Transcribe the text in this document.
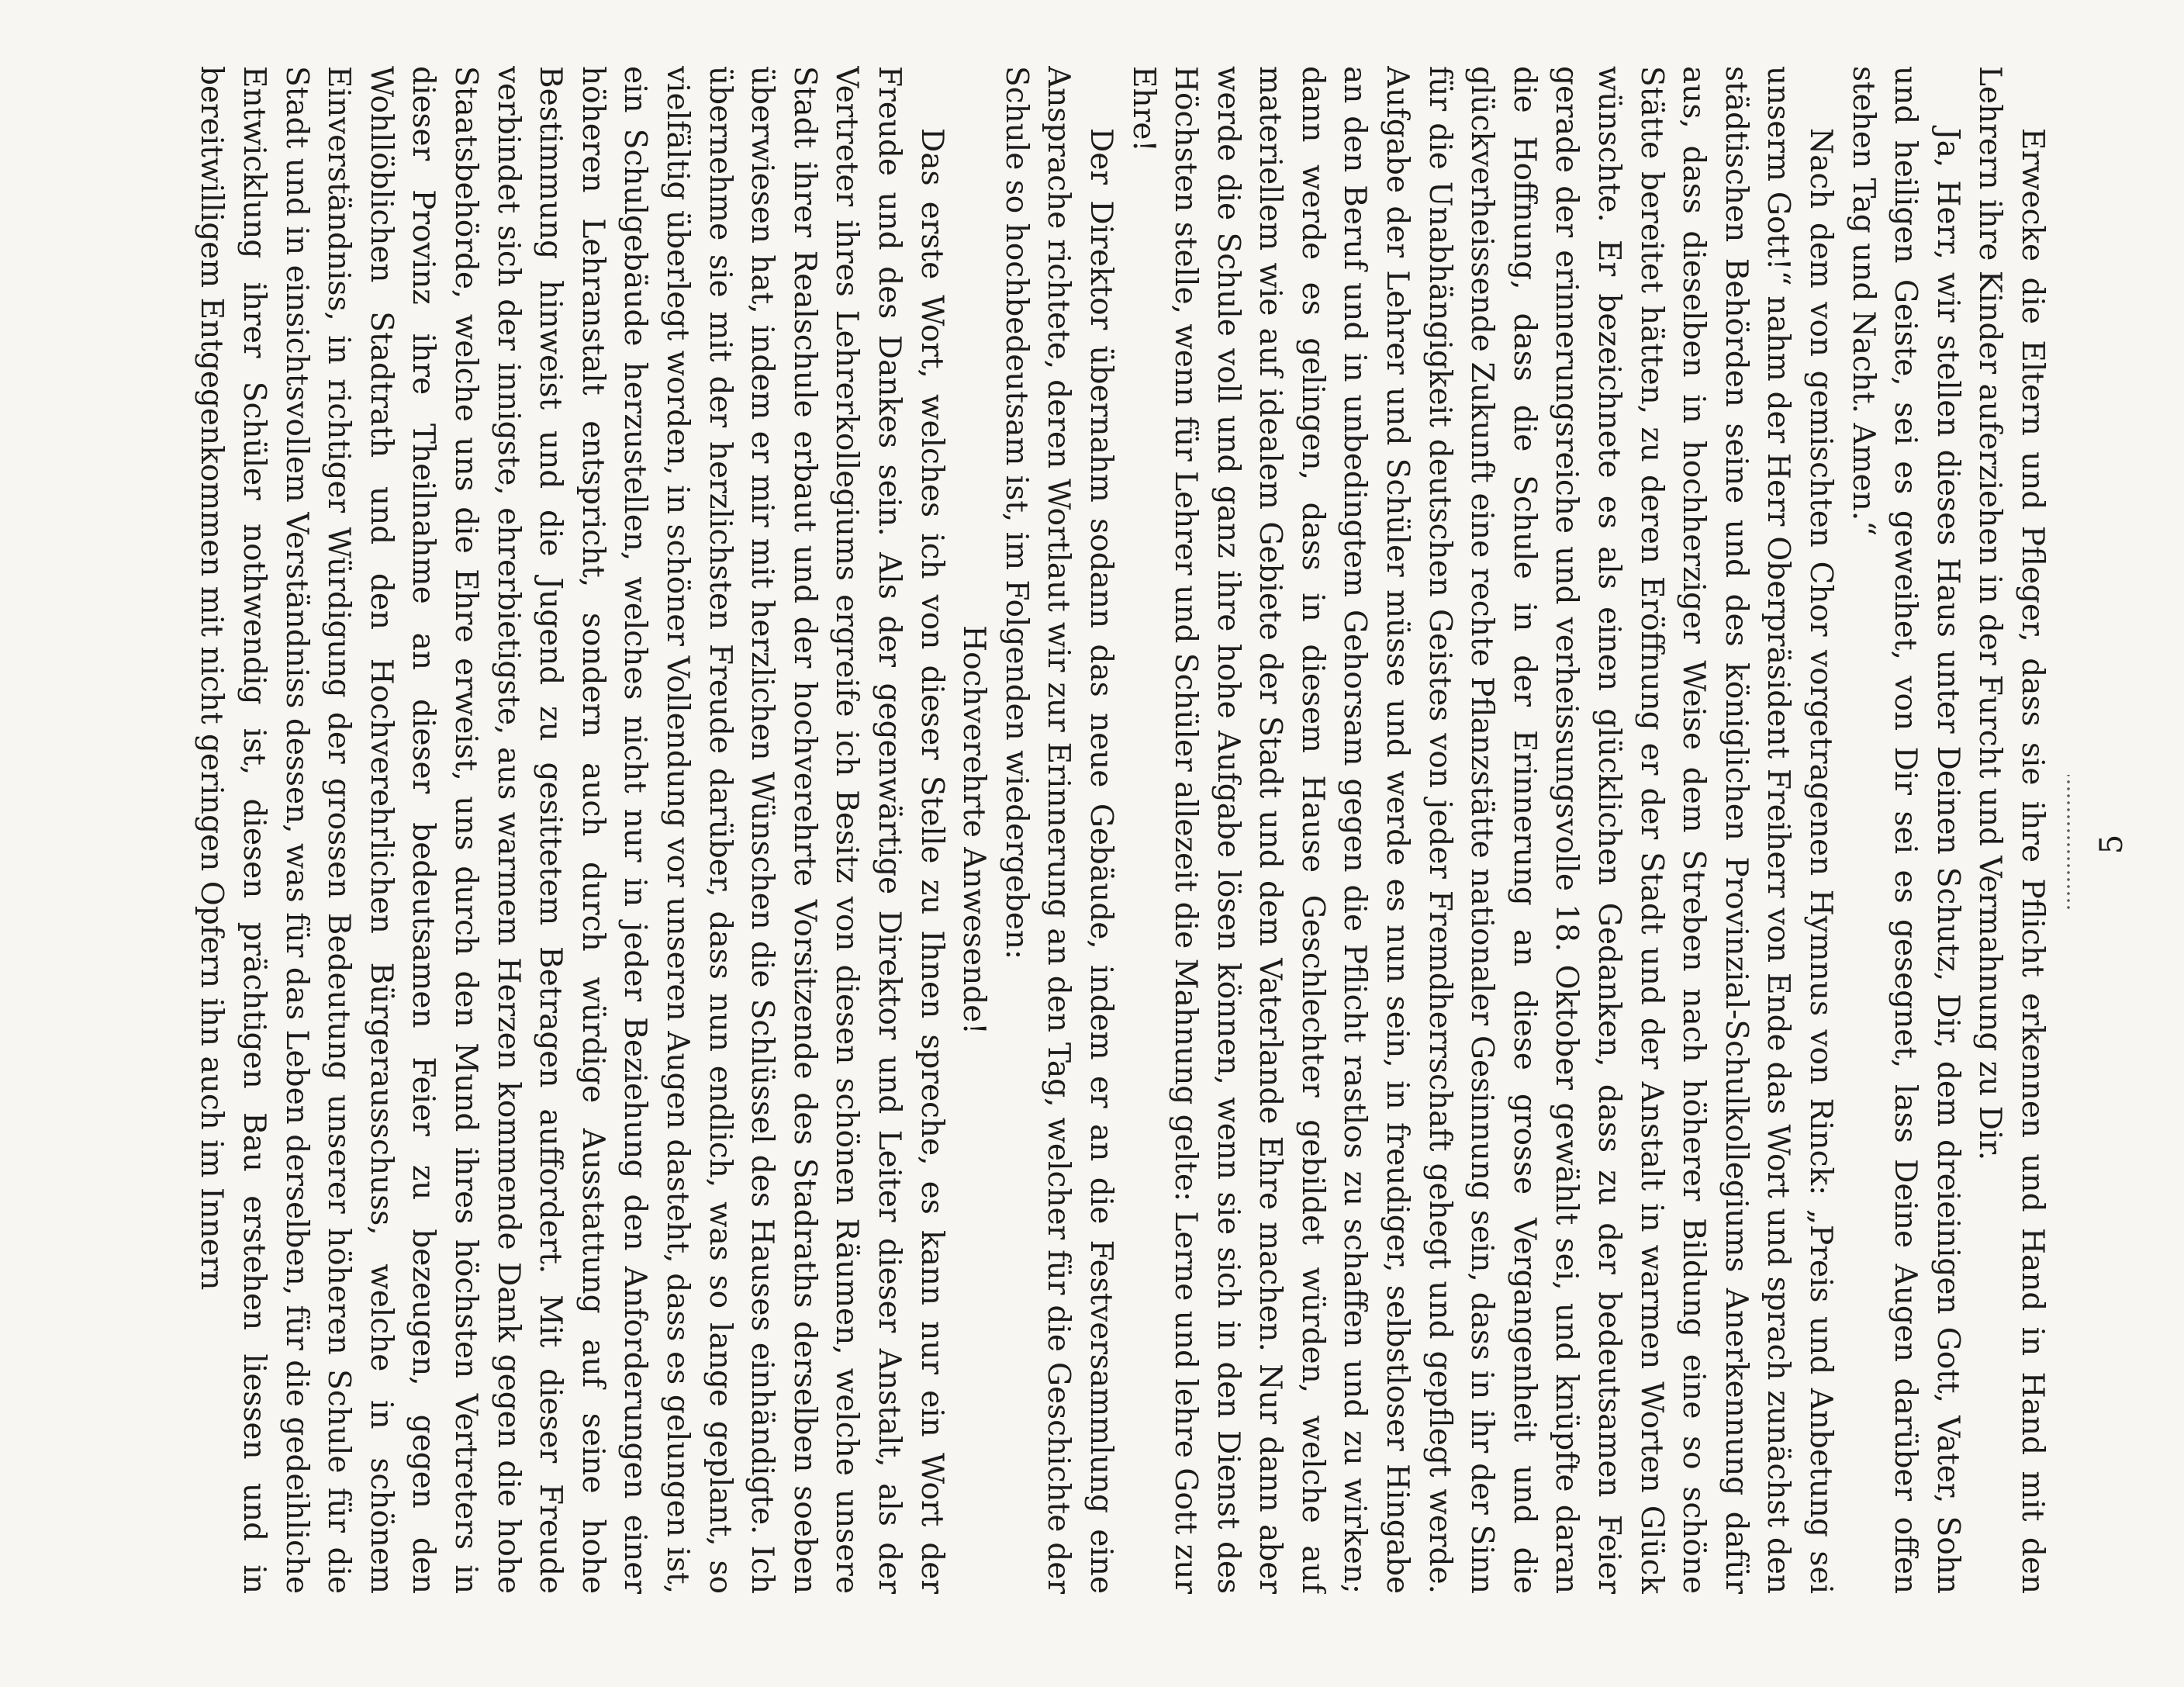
5

Erwecke die Eltern und Pfleger, dass sie ihre Pflicht erkennen und Hand in Hand mit den Lehrern ihre Kinder auferziehen in der Furcht und Vermahnung zu Dir.

Ja, Herr, wir stellen dieses Haus unter Deinen Schutz, Dir, dem dreieinigen Gott, Vater, Sohn und heiligen Geiste, sei es geweihet, von Dir sei es gesegnet, lass Deine Augen darüber offen stehen Tag und Nacht. Amen.“

Nach dem von gemischten Chor vorgetragenen Hymnus von Rinck: „Preis und Anbetung sei unserm Gott!“ nahm der Herr Oberpräsident Freiherr von Ende das Wort und sprach zunächst den städtischen Behörden seine und des königlichen Provinzial-Schulkollegiums Anerkennung dafür aus, dass dieselben in hochherziger Weise dem Streben nach höherer Bildung eine so schöne Stätte bereitet hätten, zu deren Eröffnung er der Stadt und der Anstalt in warmen Worten Glück wünschte. Er bezeichnete es als einen glücklichen Gedanken, dass zu der bedeutsamen Feier gerade der erinnerungsreiche und verheissungsvolle 18. Oktober gewählt sei, und knüpfte daran die Hoffnung, dass die Schule in der Erinnerung an diese grosse Vergangenheit und die glückverheissende Zukunft eine rechte Pflanzstätte nationaler Gesinnung sein, dass in ihr der Sinn für die Unabhängigkeit deutschen Geistes von jeder Fremdherrschaft gehegt und gepflegt werde. Aufgabe der Lehrer und Schüler müsse und werde es nun sein, in freudiger, selbstloser Hingabe an den Beruf und in unbedingtem Gehorsam gegen die Pflicht rastlos zu schaffen und zu wirken; dann werde es gelingen, dass in diesem Hause Geschlechter gebildet würden, welche auf materiellem wie auf idealem Gebiete der Stadt und dem Vaterlande Ehre machen. Nur dann aber werde die Schule voll und ganz ihre hohe Aufgabe lösen können, wenn sie sich in den Dienst des Höchsten stelle, wenn für Lehrer und Schüler allezeit die Mahnung gelte: Lerne und lehre Gott zur Ehre!

Der Direktor übernahm sodann das neue Gebäude, indem er an die Festversammlung eine Ansprache richtete, deren Wortlaut wir zur Erinnerung an den Tag, welcher für die Geschichte der Schule so hochbedeutsam ist, im Folgenden wiedergeben:

Hochverehrte Anwesende!

Das erste Wort, welches ich von dieser Stelle zu Ihnen spreche, es kann nur ein Wort der Freude und des Dankes sein. Als der gegenwärtige Direktor und Leiter dieser Anstalt, als der Vertreter ihres Lehrerkollegiums ergreife ich Besitz von diesen schönen Räumen, welche unsere Stadt ihrer Realschule erbaut und der hochverehrte Vorsitzende des Stadraths derselben soeben überwiesen hat, indem er mir mit herzlichen Wünschen die Schlüssel des Hauses einhändigte. Ich übernehme sie mit der herzlichsten Freude darüber, dass nun endlich, was so lange geplant, so vielfältig überlegt worden, in schöner Vollendung vor unseren Augen dasteht, dass es gelungen ist, ein Schulgebäude herzustellen, welches nicht nur in jeder Beziehung den Anforderungen einer höheren Lehranstalt entspricht, sondern auch durch würdige Ausstattung auf seine hohe Bestimmung hinweist und die Jugend zu gesittetem Betragen auffordert. Mit dieser Freude verbindet sich der innigste, ehrerbietigste, aus warmem Herzen kommende Dank gegen die hohe Staatsbehörde, welche uns die Ehre erweist, uns durch den Mund ihres höchsten Vertreters in dieser Provinz ihre Theilnahme an dieser bedeutsamen Feier zu bezeugen, gegen den Wohllöblichen Stadtrath und den Hochverehrlichen Bürgerausschuss, welche in schönem Einverständniss, in richtiger Würdigung der grossen Bedeutung unserer höheren Schule für die Stadt und in einsichtsvollem Verständniss dessen, was für das Leben derselben, für die gedeihliche Entwicklung ihrer Schüler nothwendig ist, diesen prächtigen Bau erstehen liessen und in bereitwilligem Entgegenkommen mit nicht geringen Opfern ihn auch im Innern
